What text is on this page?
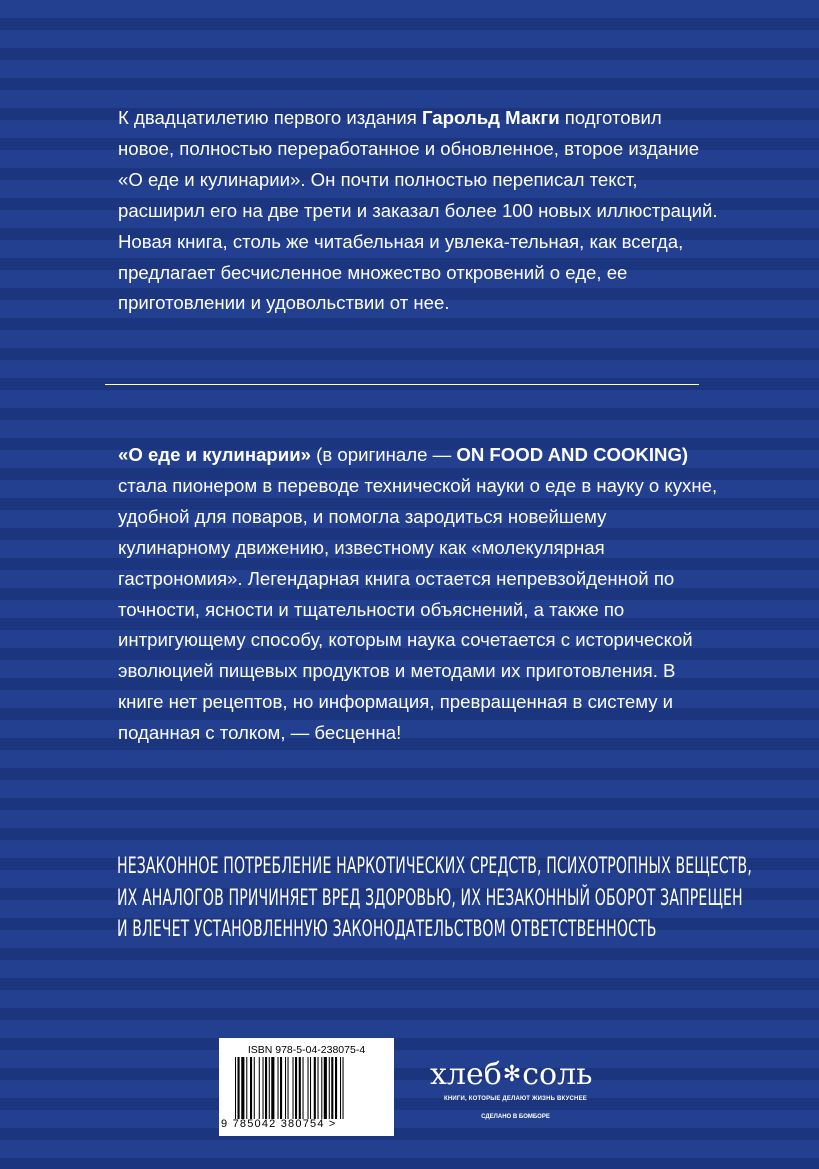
К двадцатилетию первого издания Гарольд Макги подготовил новое, полностью переработанное и обновленное, второе издание «О еде и кулинарии». Он почти полностью переписал текст, расширил его на две трети и заказал более 100 новых иллюстраций. Новая книга, столь же читабельная и увлека-тельная, как всегда, предлагает бесчисленное множество откровений о еде, ее приготовлении и удовольствии от нее.

«О еде и кулинарии» (в оригинале — ON FOOD AND COOKING) стала пионером в переводе технической науки о еде в науку о кухне, удобной для поваров, и помогла зародиться новейшему кулинарному движению, известному как «молекулярная гастрономия». Легендарная книга остается непревзойденной по точности, ясности и тщательности объяснений, а также по интригующему способу, которым наука сочетается с исторической эволюцией пищевых продуктов и методами их приготовления. В книге нет рецептов, но информация, превращенная в систему и поданная с толком, — бесценна!

НЕЗАКОННОЕ ПОТРЕБЛЕНИЕ НАРКОТИЧЕСКИХ СРЕДСТВ, ПСИХОТРОПНЫХ ВЕЩЕСТВ,
ИХ АНАЛОГОВ ПРИЧИНЯЕТ ВРЕД ЗДОРОВЬЮ, ИХ НЕЗАКОННЫЙ ОБОРОТ ЗАПРЕЩЕН
И ВЛЕЧЕТ УСТАНОВЛЕННУЮ ЗАКОНОДАТЕЛЬСТВОМ ОТВЕТСТВЕННОСТЬ
ISBN 978-5-04-238075-4
9 785042 380754 >
хлеб✻соль
КНИГИ, КОТОРЫЕ ДЕЛАЮТ ЖИЗНЬ ВКУСНЕЕ
СДЕЛАНО В БОМБОРЕ
